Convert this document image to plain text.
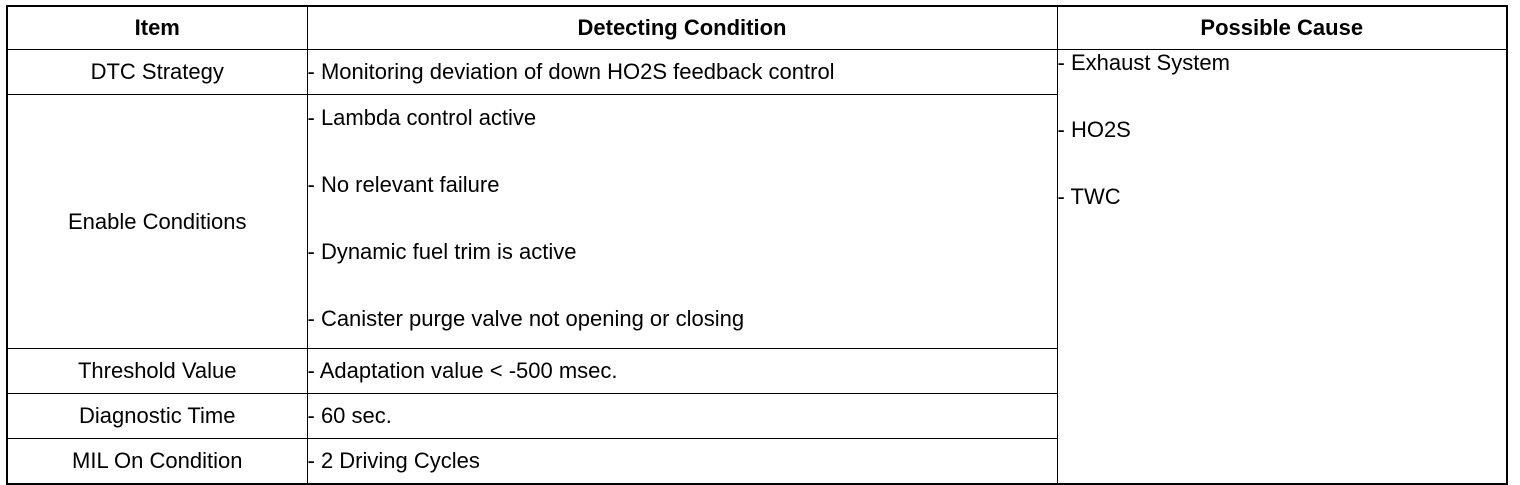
Item	Detecting Condition	Possible Cause
DTC Strategy	- Monitoring deviation of down HO2S feedback control	- Exhaust System
- HO2S
- TWC

Enable Conditions	- Lambda control active
- No relevant failure
- Dynamic fuel trim is active
- Canister purge valve not opening or closing	

Threshold Value	- Adaptation value < -500 msec.	

Diagnostic Time	- 60 sec.	

MIL On Condition	- 2 Driving Cycles	
